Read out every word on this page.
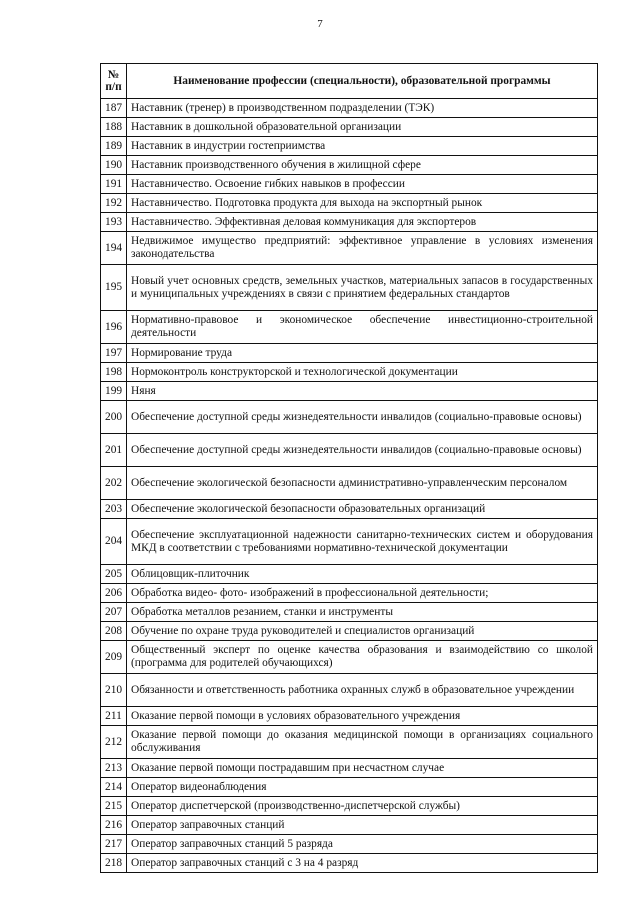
7
№
п/п	Наименование профессии (специальности), образовательной программы
187	Наставник (тренер) в производственном подразделении (ТЭК)
188	Наставник в дошкольной образовательной организации
189	Наставник в индустрии гостеприимства
190	Наставник производственного обучения в жилищной сфере
191	Наставничество. Освоение гибких навыков в профессии
192	Наставничество. Подготовка продукта для выхода на экспортный рынок
193	Наставничество. Эффективная деловая коммуникация для экспортеров
194	Недвижимое имущество предприятий: эффективное управление в условиях изменения законодательства
195	Новый учет основных средств, земельных участков, материальных запасов в государственных и муниципальных учреждениях в связи с принятием федеральных стандартов
196	Нормативно-правовое и экономическое обеспечение инвестиционно-строительной деятельности
197	Нормирование труда
198	Нормоконтроль конструкторской и технологической документации
199	Няня
200	Обеспечение доступной среды жизнедеятельности инвалидов (социально-правовые основы)
201	Обеспечение доступной среды жизнедеятельности инвалидов (социально-правовые основы)
202	Обеспечение экологической безопасности административно-управленческим персоналом
203	Обеспечение экологической безопасности образовательных организаций
204	Обеспечение эксплуатационной надежности санитарно-технических систем и оборудования МКД в соответствии с требованиями нормативно-технической документации
205	Облицовщик-плиточник
206	Обработка видео- фото- изображений в профессиональной деятельности;
207	Обработка металлов резанием, станки и инструменты
208	Обучение по охране труда руководителей и специалистов организаций
209	Общественный эксперт по оценке качества образования и взаимодействию со школой (программа для родителей обучающихся)
210	Обязанности и ответственность работника охранных служб в образовательное учреждении
211	Оказание первой помощи в условиях образовательного учреждения
212	Оказание первой помощи до оказания медицинской помощи в организациях социального обслуживания
213	Оказание первой помощи пострадавшим при несчастном случае
214	Оператор видеонаблюдения
215	Оператор диспетчерской (производственно-диспетчерской службы)
216	Оператор заправочных станций
217	Оператор заправочных станций 5 разряда
218	Оператор заправочных станций с 3 на 4 разряд
